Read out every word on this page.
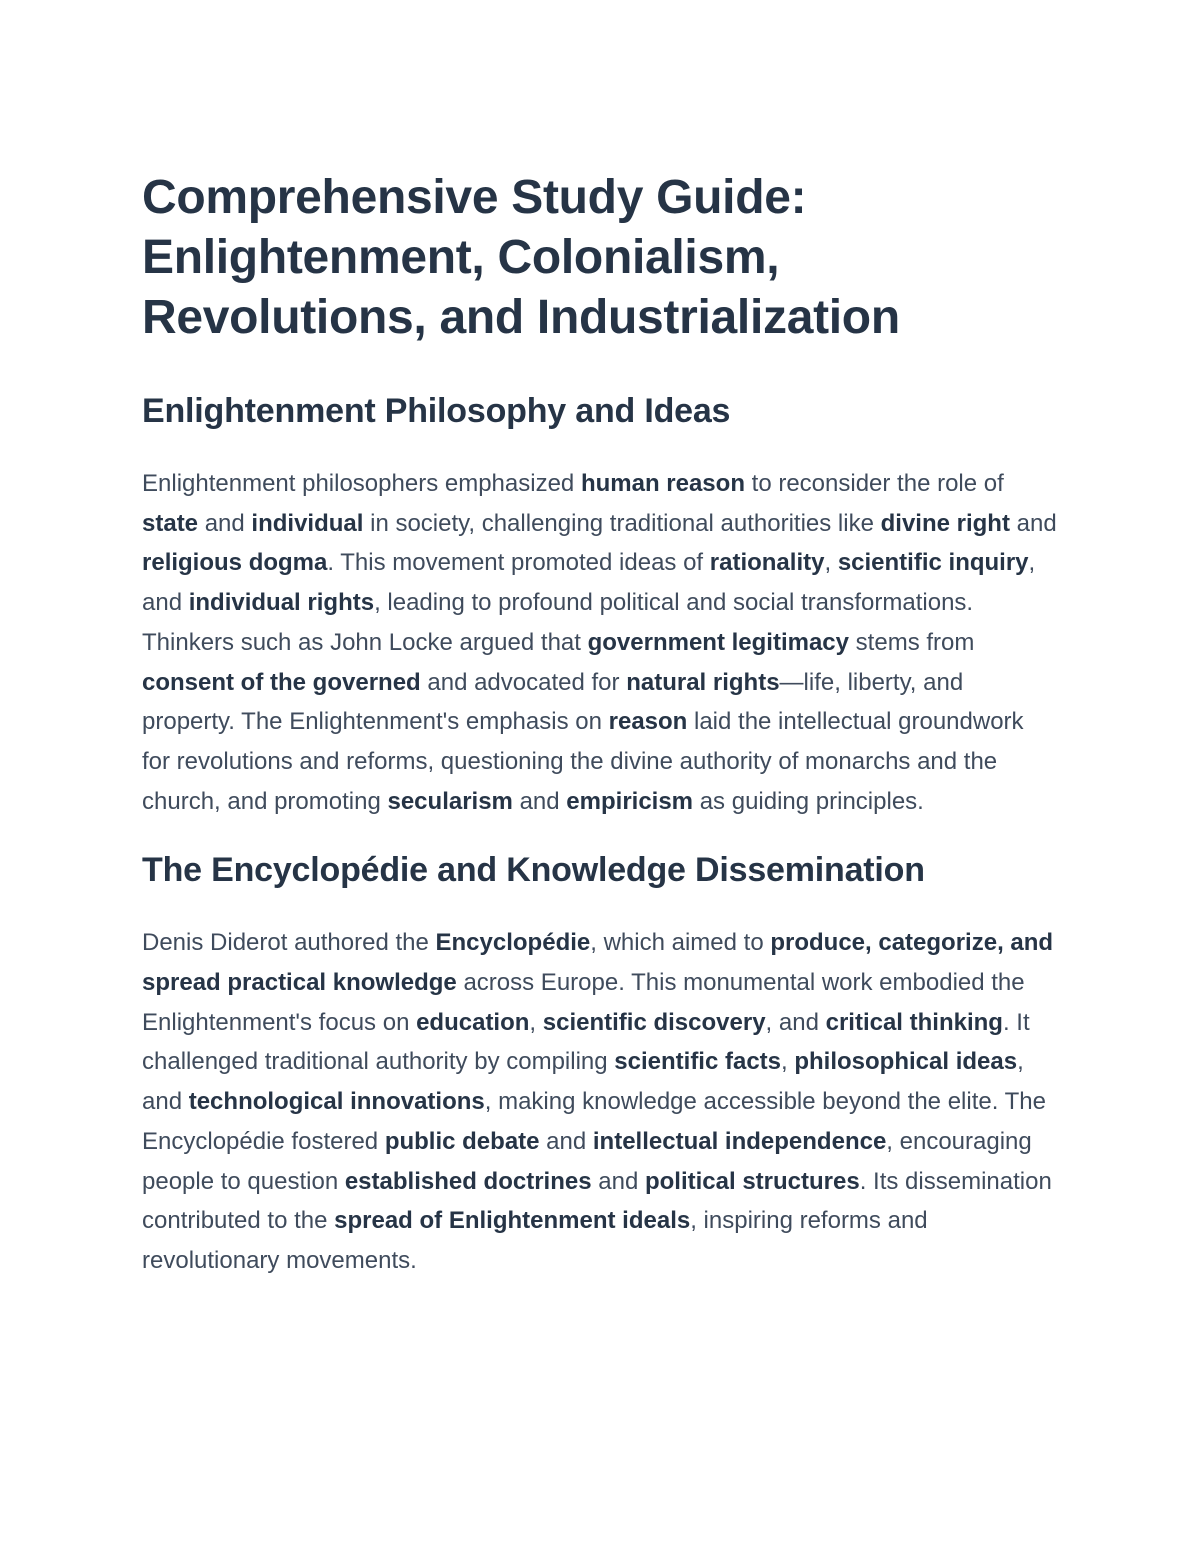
Comprehensive Study Guide: Enlightenment, Colonialism, Revolutions, and Industrialization
Enlightenment Philosophy and Ideas

Enlightenment philosophers emphasized human reason to reconsider the role of state and individual in society, challenging traditional authorities like divine right and religious dogma. This movement promoted ideas of rationality, scientific inquiry, and individual rights, leading to profound political and social transformations. Thinkers such as John Locke argued that government legitimacy stems from consent of the governed and advocated for natural rights—life, liberty, and property. The Enlightenment's emphasis on reason laid the intellectual groundwork for revolutions and reforms, questioning the divine authority of monarchs and the church, and promoting secularism and empiricism as guiding principles.

The Encyclopédie and Knowledge Dissemination

Denis Diderot authored the Encyclopédie, which aimed to produce, categorize, and spread practical knowledge across Europe. This monumental work embodied the Enlightenment's focus on education, scientific discovery, and critical thinking. It challenged traditional authority by compiling scientific facts, philosophical ideas, and technological innovations, making knowledge accessible beyond the elite. The Encyclopédie fostered public debate and intellectual independence, encouraging people to question established doctrines and political structures. Its dissemination contributed to the spread of Enlightenment ideals, inspiring reforms and revolutionary movements.
